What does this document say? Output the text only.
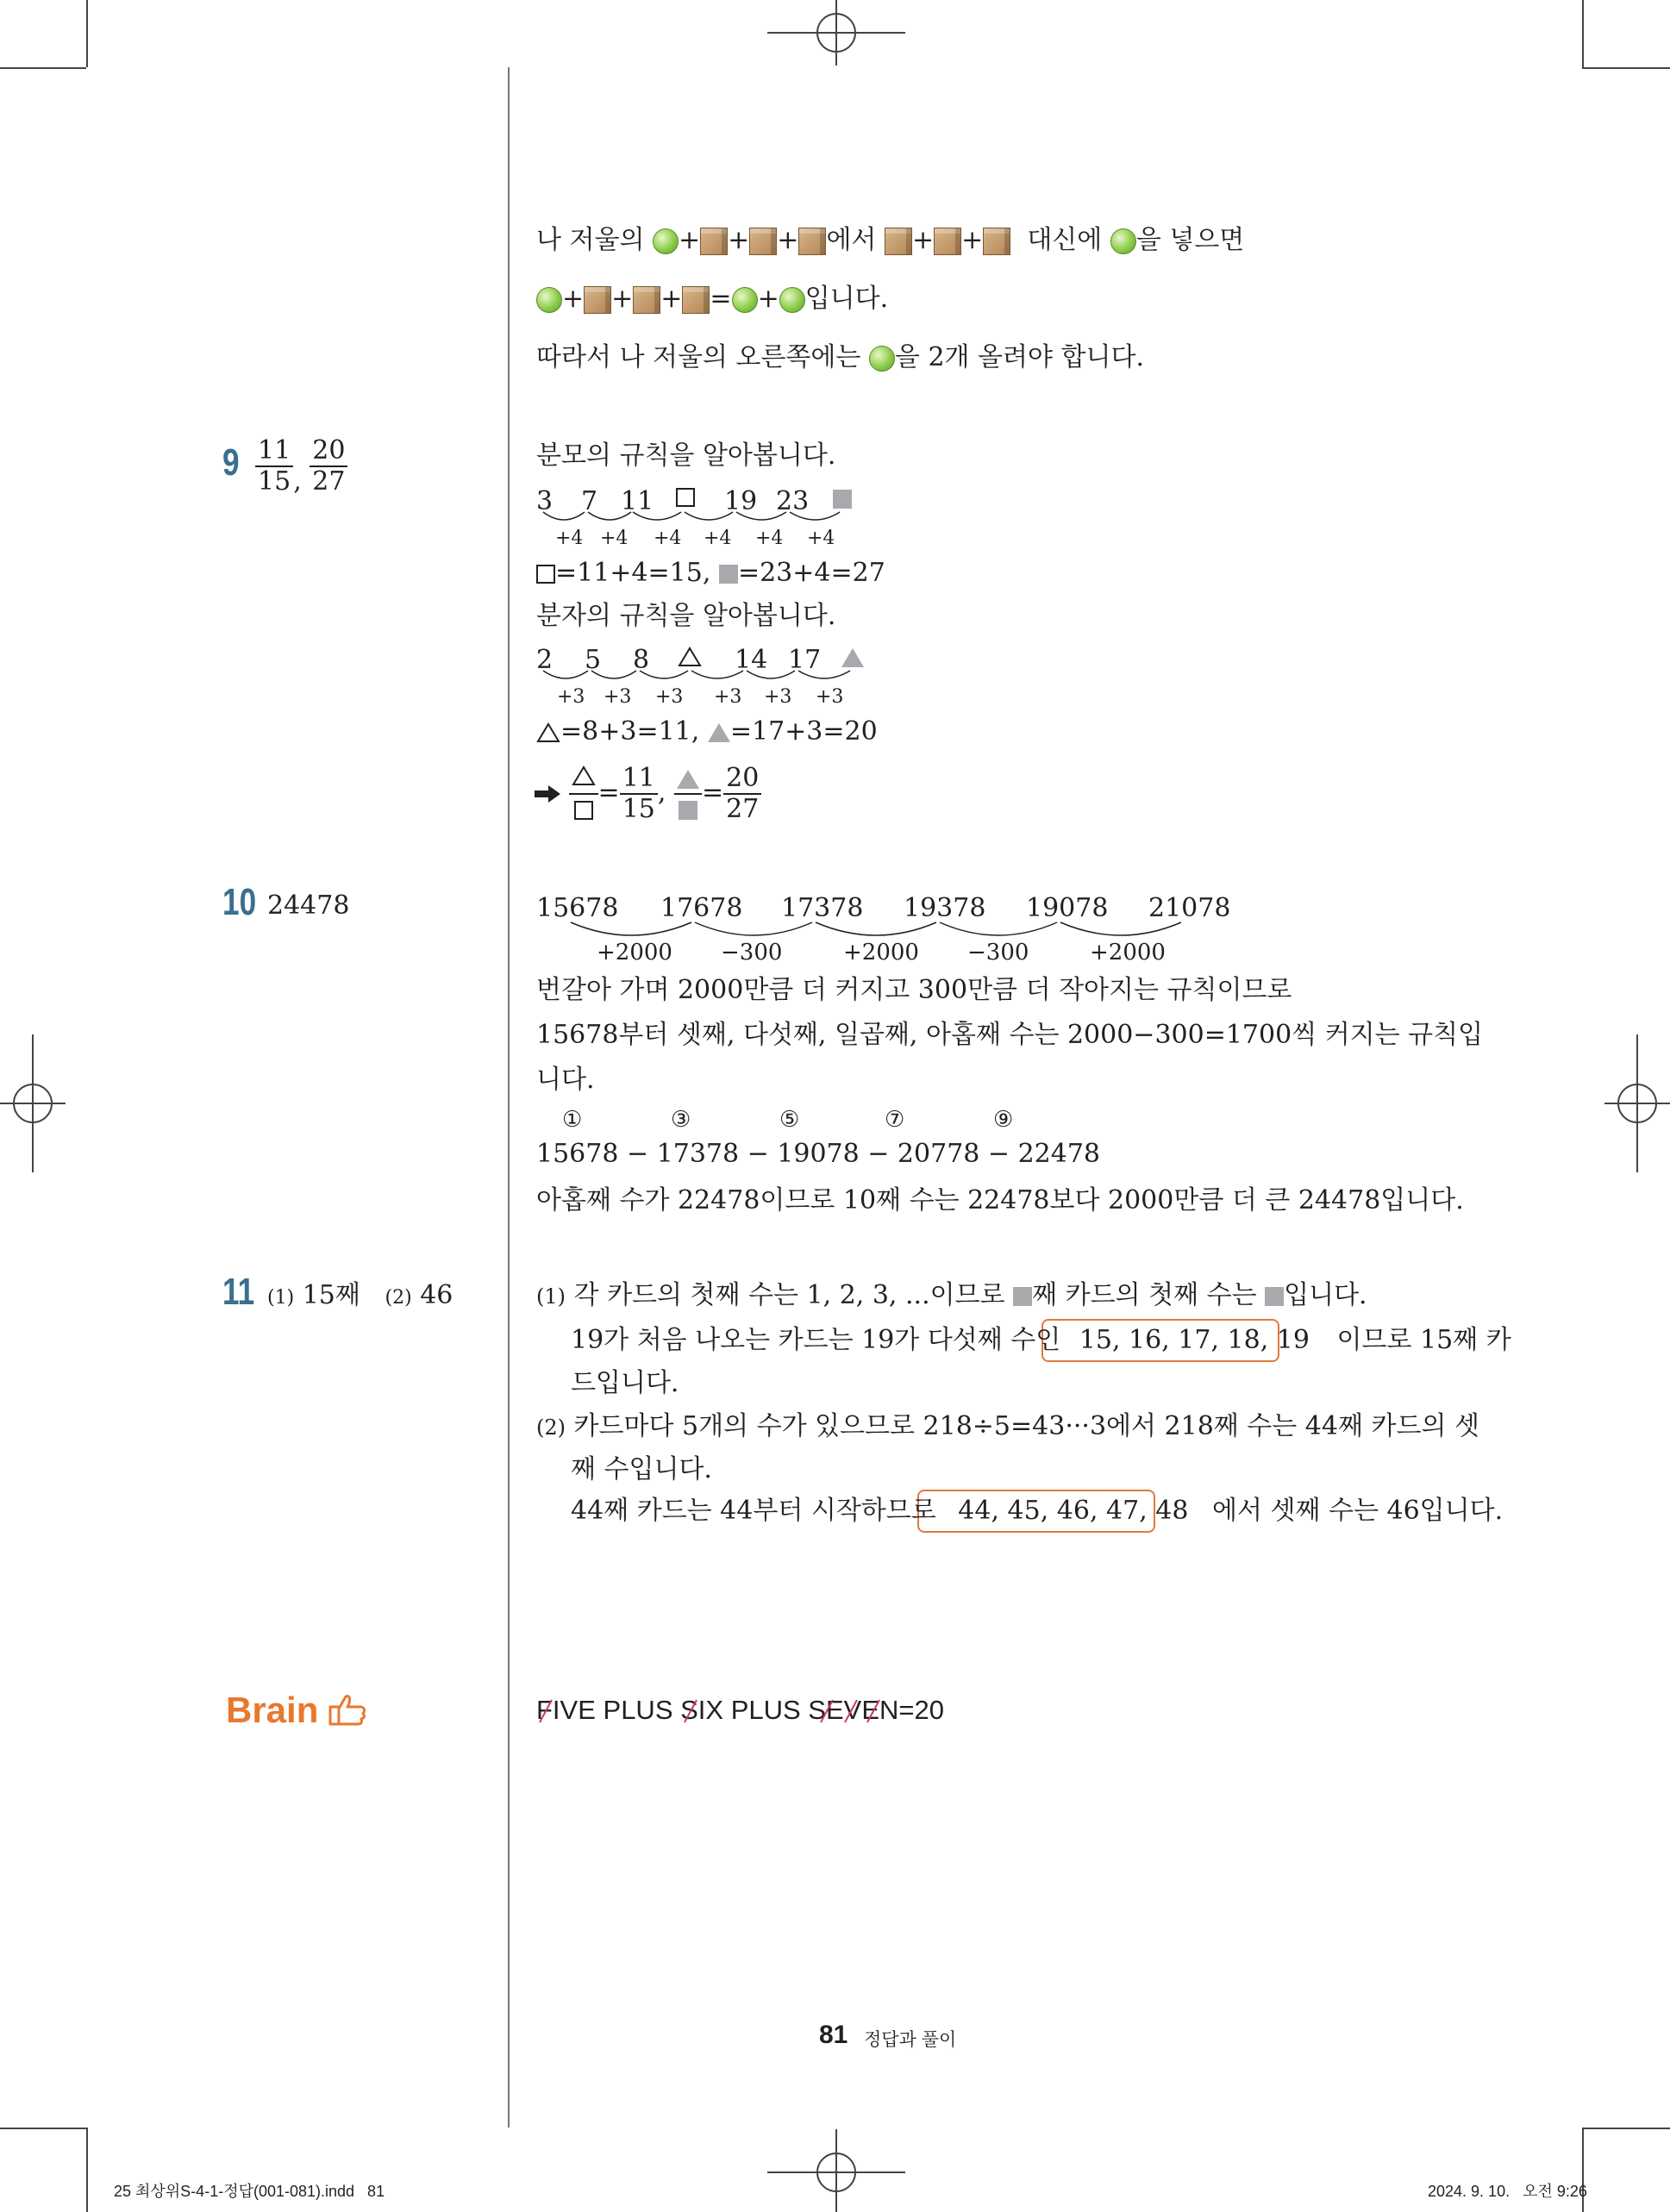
나 저울의 + + + 에서 + + 대신에 을 넣으면
+ + + = + 입니다.
따라서 나 저울의 오른쪽에는 을 2개 올려야 합니다.
$9 \frac{11}{15}$ , $\frac{20}{27}$	분모의 규칙을 알아봅니다.
3 7 11	19 23
+4 +4 +4 +4 +4 +4
=11+4=15, =23+4=27
분자의 규칙을 알아봅니다.
2 5 8	14 17
+3 +3 +3 +3 +3 +3
=8+3=11, =17+3=20

= $\frac{11}{15}$ , = $\frac{20}{27}$
10 24478	15678 17678 17378 19378 19078 21078
+2000 −300	+2000 −300	+2000
번갈아 가며 2000만큼 더 커지고 300만큼 더 작아지는 규칙이므로
15678부터 셋째, 다섯째, 일곱째, 아홉째 수는 2000−300=1700씩 커지는 규칙입
니다.
①	③	⑤	⑦	⑨
15678 − 17378 − 19078 − 20778 − 22478
아홉째 수가 22478이므로 10째 수는 22478보다 2000만큼 더 큰 24478입니다.
11 (1) 15째 (2) 46	(1) 각 카드의 첫째 수는 1, 2, 3, ...이므로 째 카드의 첫째 수는 입니다.
19가 처음 나오는 카드는 19가 다섯째 수인 15, 16, 17, 18, 19 이므로 15째 카
드입니다.
(2) 카드마다 5개의 수가 있으므로 218÷5=43···3에서 218째 수는 44째 카드의 셋
째 수입니다.
44째 카드는 44부터 시작하므로 44, 45, 46, 47, 48 에서 셋째 수는 46입니다.
Brain	FIVE PLUS SIX PLUS SEVEN=20
81 정답과 풀이
25 최상위S-4-1-정답(001-081).indd   81	2024. 9. 10.   오전 9:26
